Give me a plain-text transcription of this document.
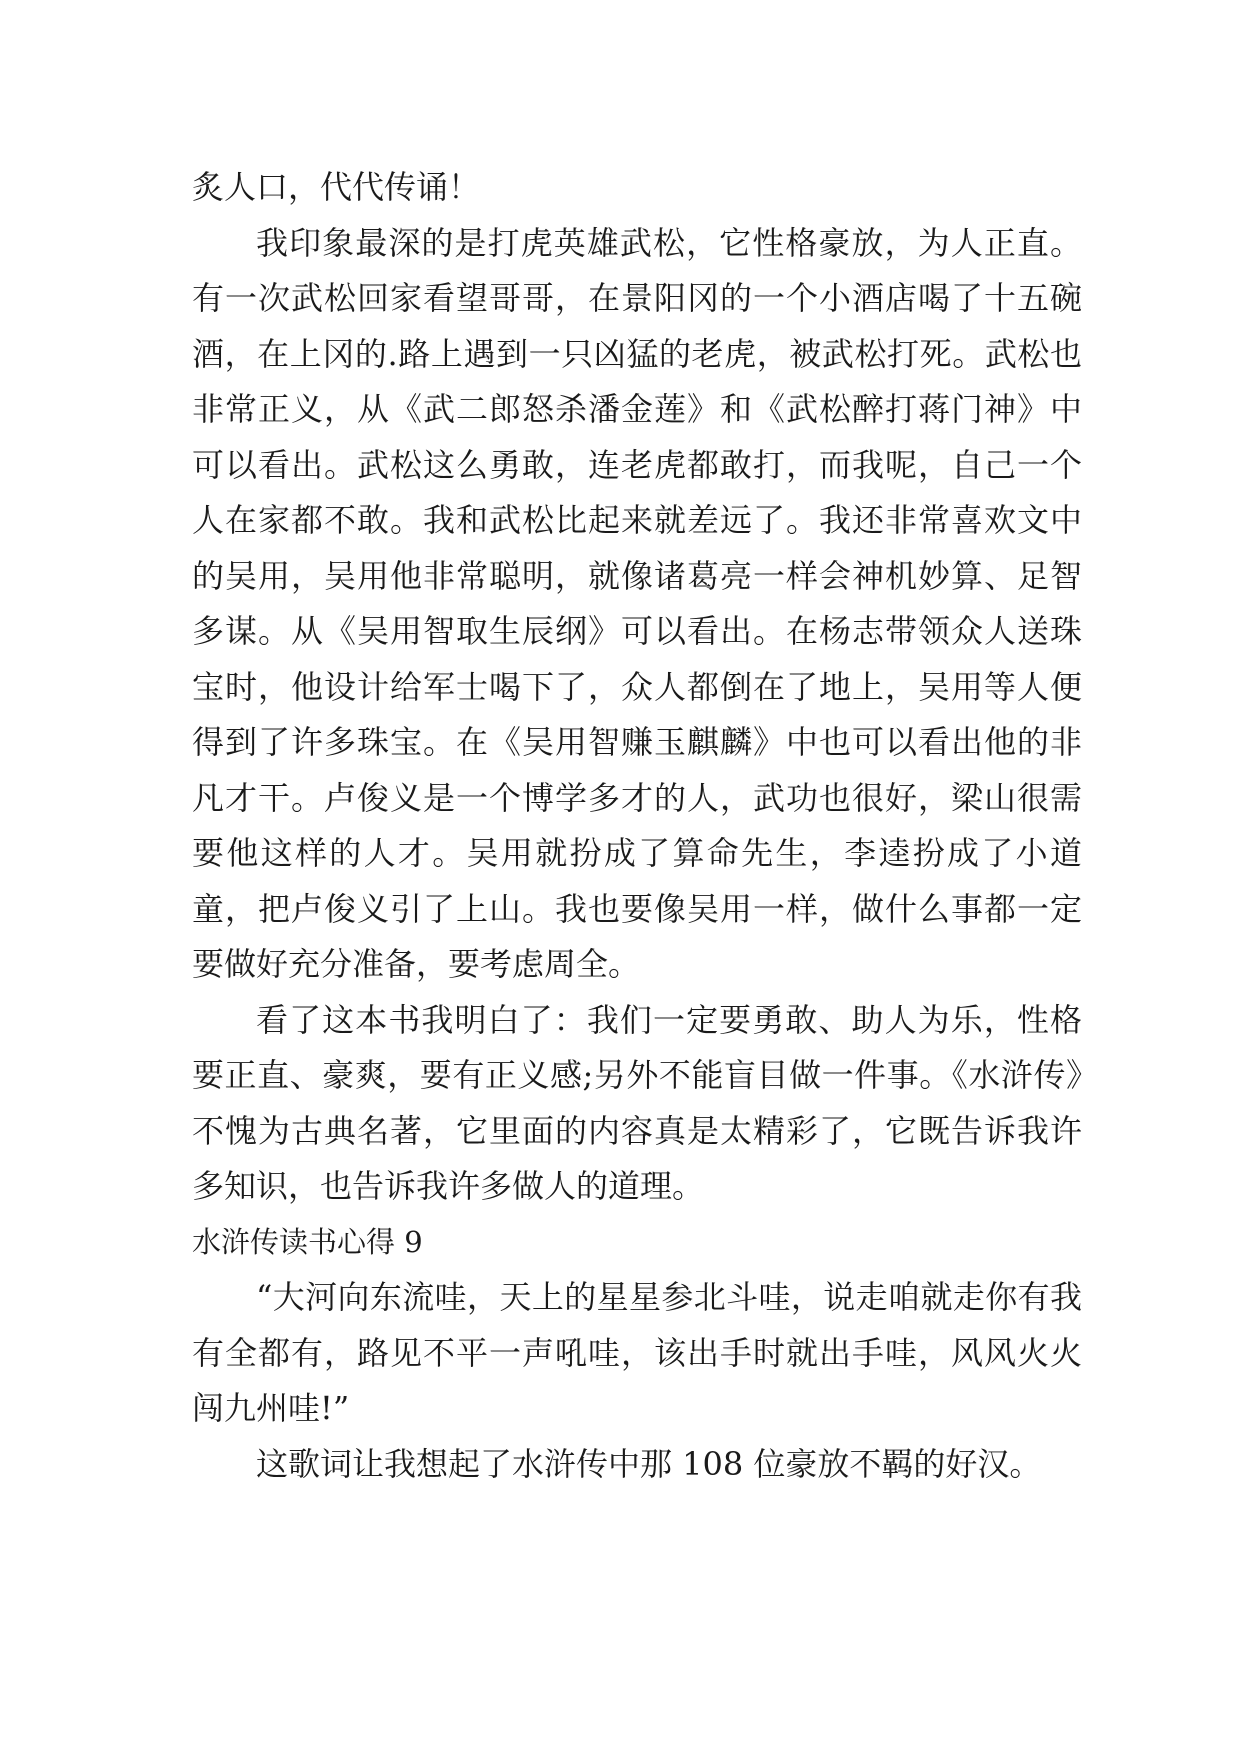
炙人口，代代传诵！

我印象最深的是打虎英雄武松，它性格豪放，为人正直。有一次武松回家看望哥哥，在景阳冈的一个小酒店喝了十五碗酒，在上冈的.路上遇到一只凶猛的老虎，被武松打死。武松也非常正义，从《武二郎怒杀潘金莲》和《武松醉打蒋门神》中可以看出。武松这么勇敢，连老虎都敢打，而我呢，自己一个人在家都不敢。我和武松比起来就差远了。我还非常喜欢文中的吴用，吴用他非常聪明，就像诸葛亮一样会神机妙算、足智多谋。从《吴用智取生辰纲》可以看出。在杨志带领众人送珠宝时，他设计给军士喝下了，众人都倒在了地上，吴用等人便得到了许多珠宝。在《吴用智赚玉麒麟》中也可以看出他的非凡才干。卢俊义是一个博学多才的人，武功也很好，梁山很需要他这样的人才。吴用就扮成了算命先生，李逵扮成了小道童，把卢俊义引了上山。我也要像吴用一样，做什么事都一定要做好充分准备，要考虑周全。

看了这本书我明白了：我们一定要勇敢、助人为乐，性格要正直、豪爽，要有正义感;另外不能盲目做一件事。《水浒传》不愧为古典名著，它里面的内容真是太精彩了，它既告诉我许多知识，也告诉我许多做人的道理。

水浒传读书心得 9

“大河向东流哇，天上的星星参北斗哇，说走咱就走你有我有全都有，路见不平一声吼哇，该出手时就出手哇，风风火火闯九州哇!”

这歌词让我想起了水浒传中那 108 位豪放不羁的好汉。
